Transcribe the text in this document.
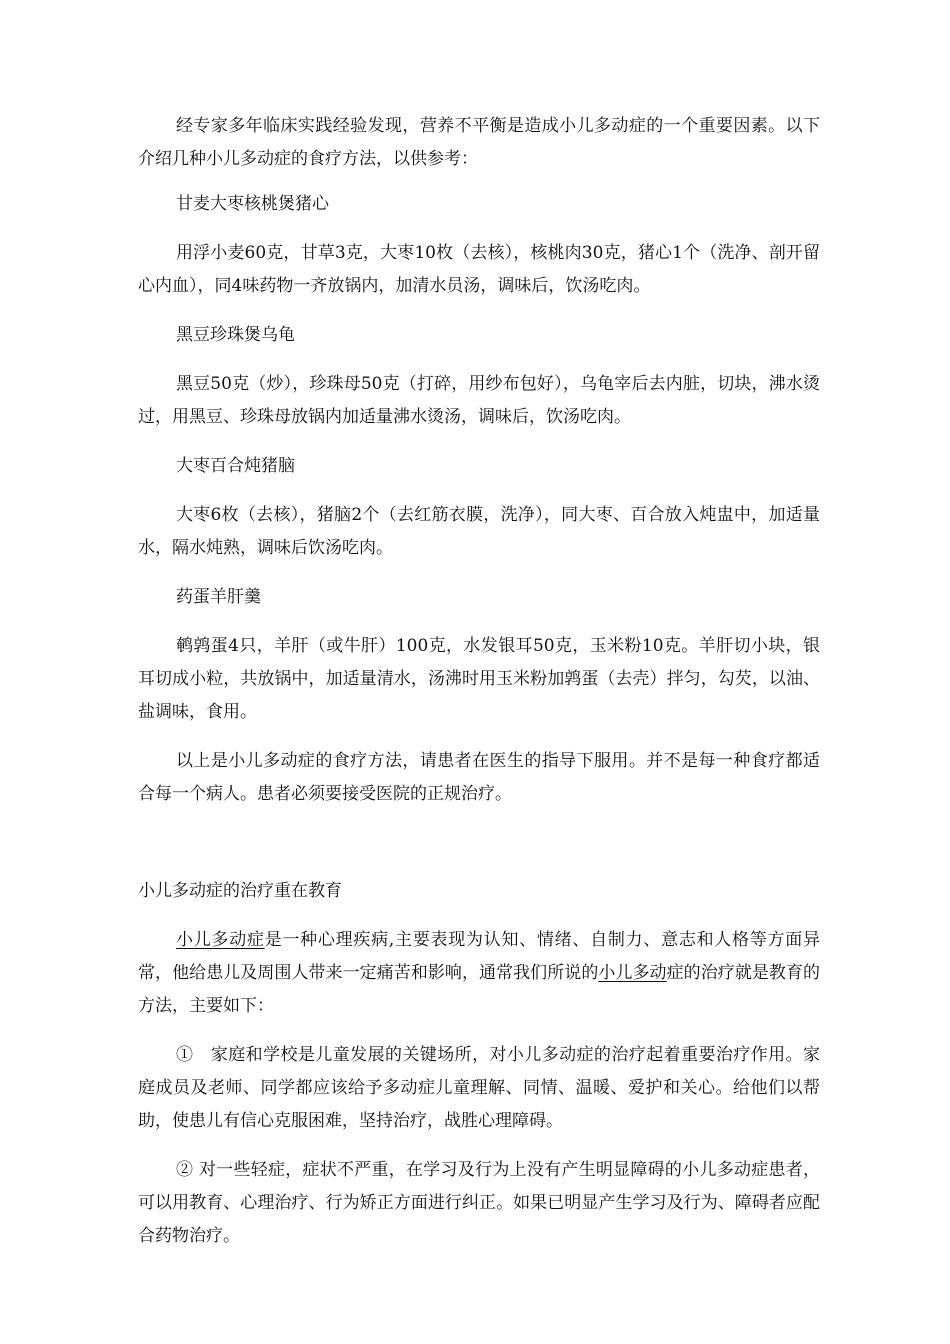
经专家多年临床实践经验发现，营养不平衡是造成小儿多动症的一个重要因素。以下介绍几种小儿多动症的食疗方法，以供参考：

甘麦大枣核桃煲猪心

用浮小麦60克，甘草3克，大枣10枚（去核），核桃肉30克，猪心1个（洗净、剖开留心内血），同4味药物一齐放锅内，加清水员汤，调味后，饮汤吃肉。

黑豆珍珠煲乌龟

黑豆50克（炒），珍珠母50克（打碎，用纱布包好），乌龟宰后去内脏，切块，沸水烫过，用黑豆、珍珠母放锅内加适量沸水烫汤，调味后，饮汤吃肉。

大枣百合炖猪脑

大枣6枚（去核），猪脑2个（去红筋衣膜，洗净），同大枣、百合放入炖盅中，加适量水，隔水炖熟，调味后饮汤吃肉。

药蛋羊肝羹

鹌鹑蛋4只，羊肝（或牛肝）100克，水发银耳50克，玉米粉10克。羊肝切小块，银耳切成小粒，共放锅中，加适量清水，汤沸时用玉米粉加鹑蛋（去壳）拌匀，勾芡，以油、盐调味，食用。

以上是小儿多动症的食疗方法，请患者在医生的指导下服用。并不是每一种食疗都适合每一个病人。患者必须要接受医院的正规治疗。

小儿多动症的治疗重在教育

小儿多动症是一种心理疾病,主要表现为认知、情绪、自制力、意志和人格等方面异常，他给患儿及周围人带来一定痛苦和影响，通常我们所说的小儿多动症的治疗就是教育的方法，主要如下：

①　家庭和学校是儿童发展的关键场所，对小儿多动症的治疗起着重要治疗作用。家庭成员及老师、同学都应该给予多动症儿童理解、同情、温暖、爱护和关心。给他们以帮助，使患儿有信心克服困难，坚持治疗，战胜心理障碍。

② 对一些轻症，症状不严重，在学习及行为上没有产生明显障碍的小儿多动症患者，可以用教育、心理治疗、行为矫正方面进行纠正。如果已明显产生学习及行为、障碍者应配合药物治疗。
